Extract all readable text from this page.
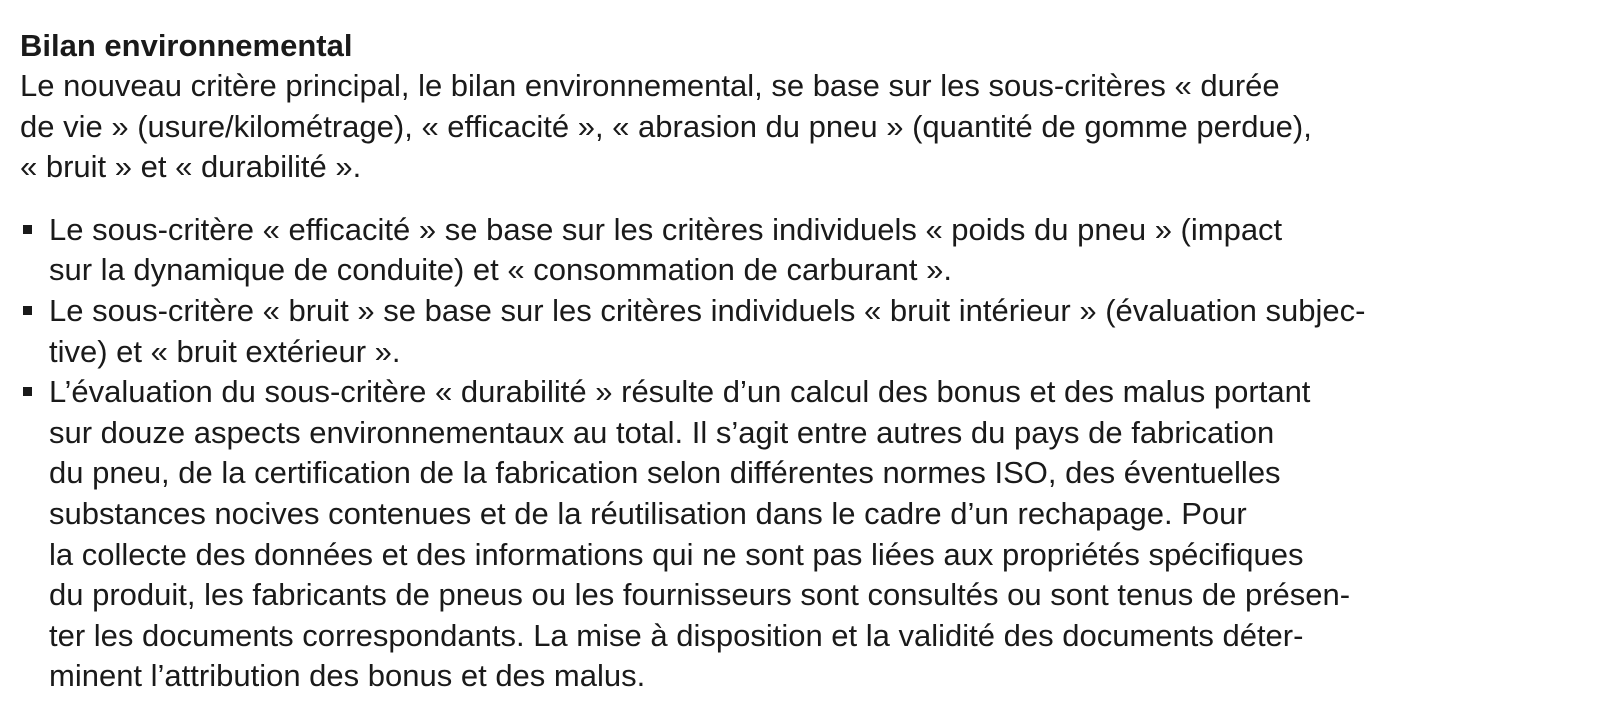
Bilan environnemental
Le nouveau critère principal, le bilan environnemental, se base sur les sous-critères « durée
de vie » (usure/kilométrage), « efficacité », « abrasion du pneu » (quantité de gomme perdue),
« bruit » et « durabilité ».
Le sous-critère « efficacité » se base sur les critères individuels « poids du pneu » (impact
sur la dynamique de conduite) et « consommation de carburant ».
Le sous-critère « bruit » se base sur les critères individuels « bruit intérieur » (évaluation subjec-
tive) et « bruit extérieur ».
L’évaluation du sous-critère « durabilité » résulte d’un calcul des bonus et des malus portant
sur douze aspects environnementaux au total. Il s’agit entre autres du pays de fabrication
du pneu, de la certification de la fabrication selon différentes normes ISO, des éventuelles
substances nocives contenues et de la réutilisation dans le cadre d’un rechapage. Pour
la collecte des données et des informations qui ne sont pas liées aux propriétés spécifiques
du produit, les fabricants de pneus ou les fournisseurs sont consultés ou sont tenus de présen-
ter les documents correspondants. La mise à disposition et la validité des documents déter-
minent l’attribution des bonus et des malus.
